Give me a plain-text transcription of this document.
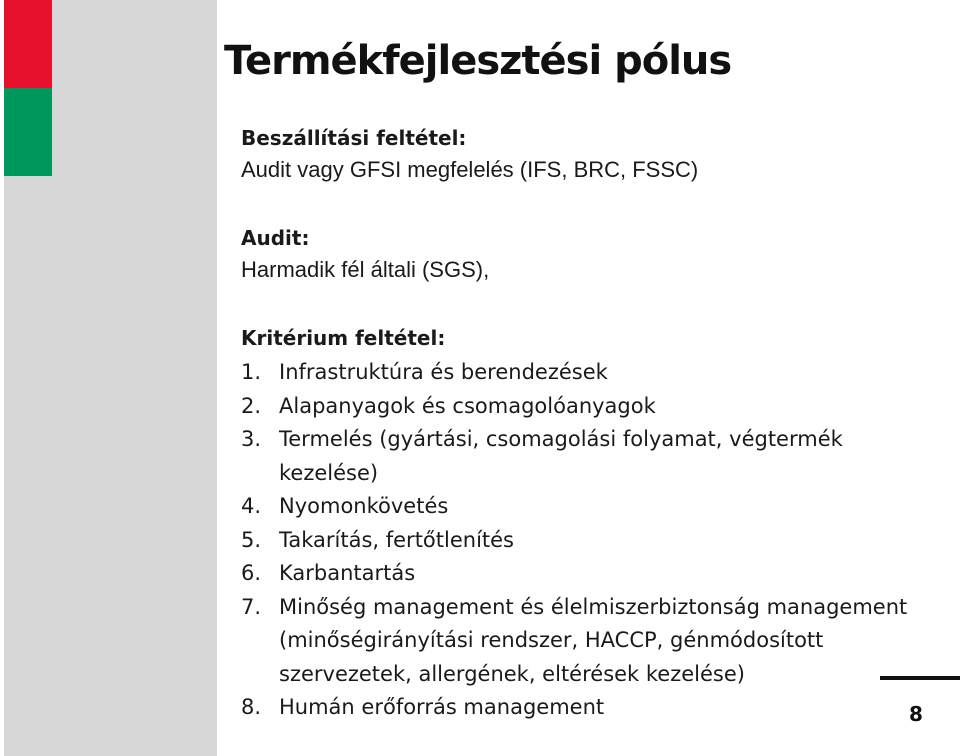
Termékfejlesztési pólus
Beszállítási feltétel:
Audit vagy GFSI megfelelés (IFS, BRC, FSSC)
Audit:
Harmadik fél általi (SGS),
Kritérium feltétel:
1. Infrastruktúra és berendezések
2. Alapanyagok és csomagolóanyagok
3. Termelés (gyártási, csomagolási folyamat, végtermék
kezelése)
4. Nyomonkövetés
5. Takarítás, fertőtlenítés
6. Karbantartás
7. Minőség management és élelmiszerbiztonság management
(minőségirányítási rendszer, HACCP, génmódosított
szervezetek, allergének, eltérések kezelése)
8. Humán erőforrás management	8
